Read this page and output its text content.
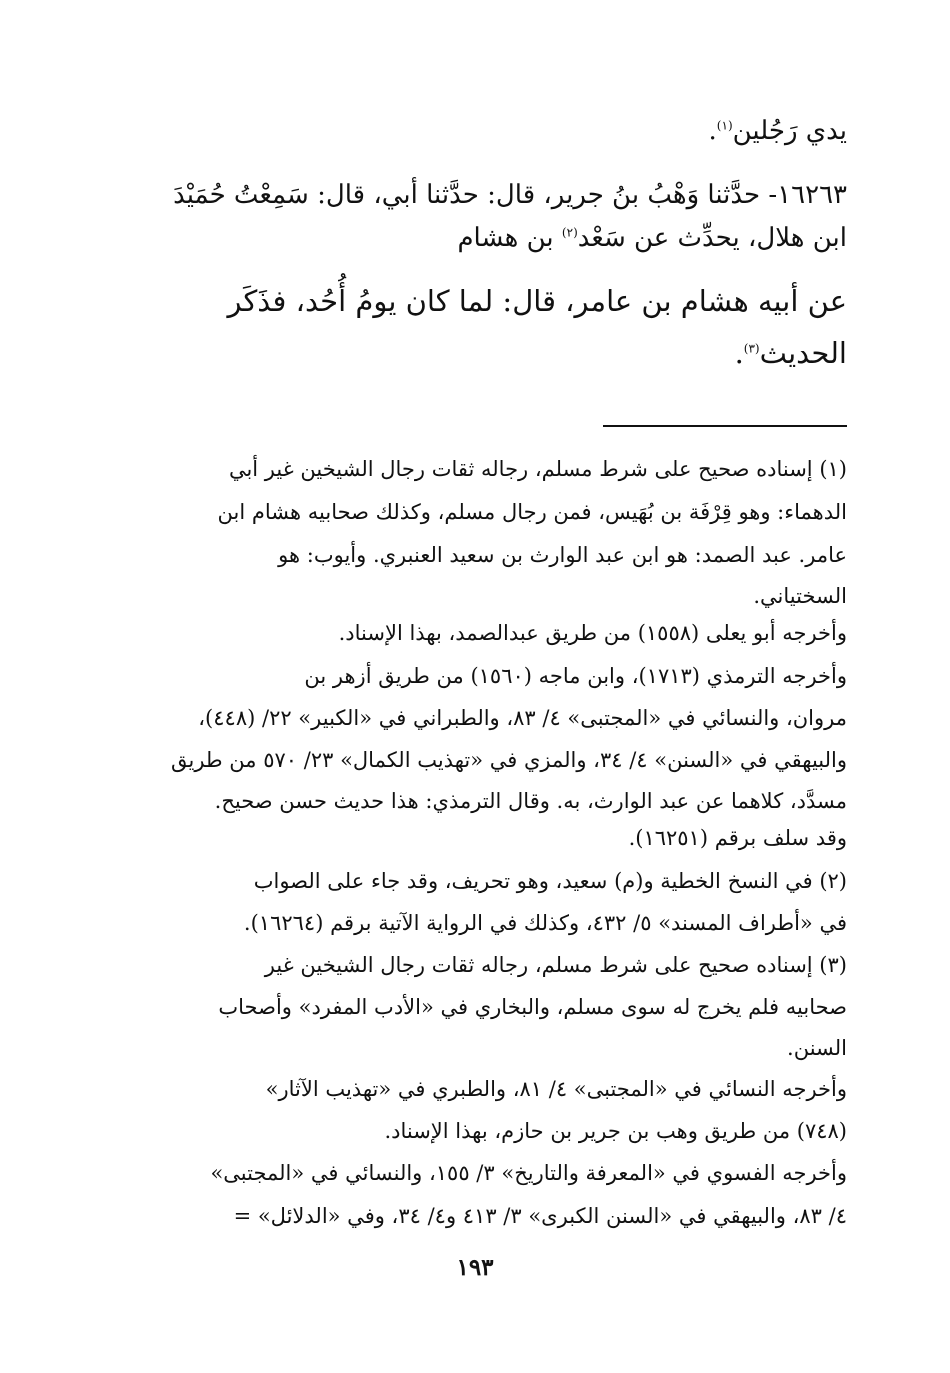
يدي رَجُلين$^{(١)}$.
١٦٢٦٣- حدَّثنا وَهْبُ بنُ جرير، قال: حدَّثنا أبي، قال: سَمِعْتُ حُمَيْدَ
ابن هلال، يحدِّث عن سَعْد$^{(٢)}$ بن هشام
عن أبيه هشام بن عامر، قال: لما كان يومُ أُحُد، فذَكَر
الحديث$^{(٣)}$.
(١) إسناده صحيح على شرط مسلم، رجاله ثقات رجال الشيخين غير أبي
الدهماء: وهو قِرْفَة بن بُهَيس، فمن رجال مسلم، وكذلك صحابيه هشام ابن
عامر. عبد الصمد: هو ابن عبد الوارث بن سعيد العنبري. وأيوب: هو
السختياني.
وأخرجه أبو يعلى (١٥٥٨) من طريق عبدالصمد، بهذا الإسناد.
وأخرجه الترمذي (١٧١٣)، وابن ماجه (١٥٦٠) من طريق أزهر بن
مروان، والنسائي في «المجتبى» ٤/ ٨٣، والطبراني في «الكبير» ٢٢/ (٤٤٨)،
والبيهقي في «السنن» ٤/ ٣٤، والمزي في «تهذيب الكمال» ٢٣/ ٥٧٠ من طريق
مسدَّد، كلاهما عن عبد الوارث، به. وقال الترمذي: هذا حديث حسن صحيح.
وقد سلف برقم (١٦٢٥١).
(٢) في النسخ الخطية و(م) سعيد، وهو تحريف، وقد جاء على الصواب
في «أطراف المسند» ٥/ ٤٣٢، وكذلك في الرواية الآتية برقم (١٦٢٦٤).
(٣) إسناده صحيح على شرط مسلم، رجاله ثقات رجال الشيخين غير
صحابيه فلم يخرج له سوى مسلم، والبخاري في «الأدب المفرد» وأصحاب
السنن.
وأخرجه النسائي في «المجتبى» ٤/ ٨١، والطبري في «تهذيب الآثار»
(٧٤٨) من طريق وهب بن جرير بن حازم، بهذا الإسناد.
وأخرجه الفسوي في «المعرفة والتاريخ» ٣/ ١٥٥، والنسائي في «المجتبى»
٤/ ٨٣، والبيهقي في «السنن الكبرى» ٣/ ٤١٣ و٤/ ٣٤، وفي «الدلائل» =
١٩٣
